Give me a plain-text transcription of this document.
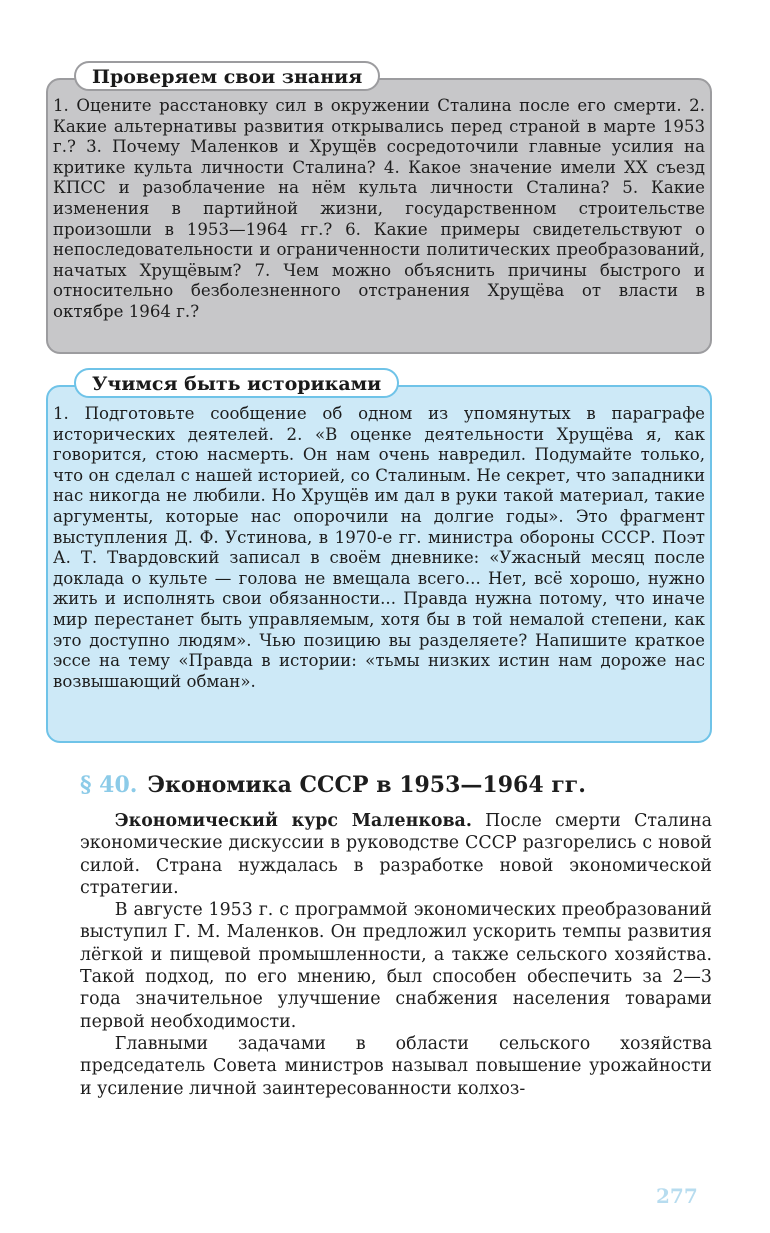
Проверяем свои знания

1. Оцените расстановку сил в окружении Сталина после его смерти. 2. Какие альтернативы развития открывались перед страной в марте 1953 г.? 3. Почему Маленков и Хрущёв сосредоточили главные усилия на критике культа личности Сталина? 4. Какое значение имели XX съезд КПСС и разоблачение на нём культа личности Сталина? 5. Какие изменения в партийной жизни, государственном строительстве произошли в 1953—1964 гг.? 6. Какие примеры свидетельствуют о непоследовательности и ограниченности политических преобразований, начатых Хрущёвым? 7. Чем можно объяснить причины быстрого и относительно безболезненного отстранения Хрущёва от власти в октябре 1964 г.?

Учимся быть историками

1. Подготовьте сообщение об одном из упомянутых в параграфе исторических деятелей. 2. «В оценке деятельности Хрущёва я, как говорится, стою насмерть. Он нам очень навредил. Подумайте только, что он сделал с нашей историей, со Сталиным. Не секрет, что западники нас никогда не любили. Но Хрущёв им дал в руки такой материал, такие аргументы, которые нас опорочили на долгие годы». Это фрагмент выступления Д. Ф. Устинова, в 1970-е гг. министра обороны СССР. Поэт А. Т. Твардовский записал в своём дневнике: «Ужасный месяц после доклада о культе — голова не вмещала всего... Нет, всё хорошо, нужно жить и исполнять свои обязанности... Правда нужна потому, что иначе мир перестанет быть управляемым, хотя бы в той немалой степени, как это доступно людям». Чью позицию вы разделяете? Напишите краткое эссе на тему «Правда в истории: «тьмы низких истин нам дороже нас возвышающий обман».

§ 40. Экономика СССР в 1953—1964 гг.

Экономический курс Маленкова. После смерти Сталина экономические дискуссии в руководстве СССР разгорелись с новой силой. Страна нуждалась в разработке новой экономической стратегии.

В августе 1953 г. с программой экономических преобразований выступил Г. М. Маленков. Он предложил ускорить темпы развития лёгкой и пищевой промышленности, а также сельского хозяйства. Такой подход, по его мнению, был способен обеспечить за 2—3 года значительное улучшение снабжения населения товарами первой необходимости.

Главными задачами в области сельского хозяйства председатель Совета министров называл повышение урожайности и усиление личной заинтересованности колхоз-

277
